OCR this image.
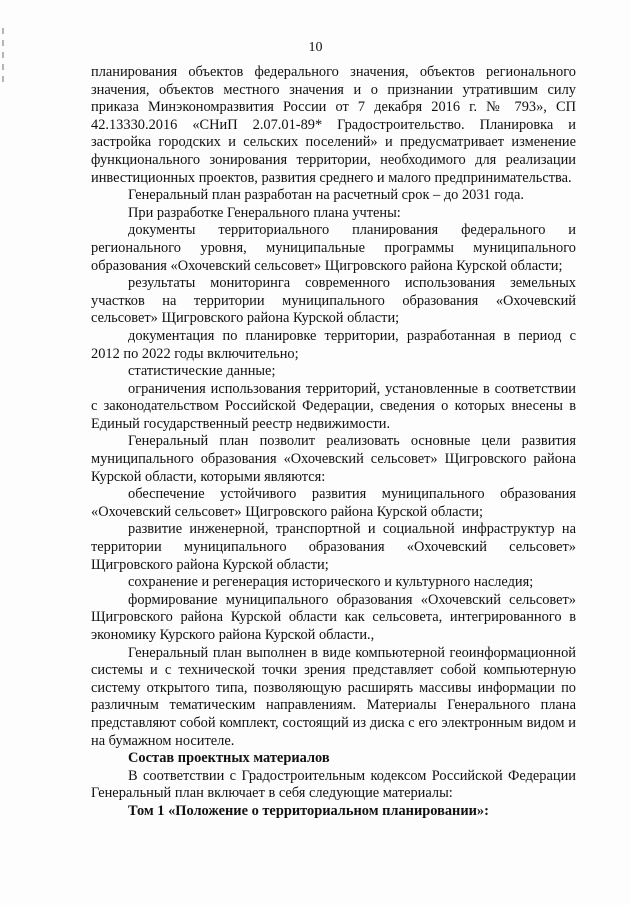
10

планирования объектов федерального значения, объектов регионального значения, объектов местного значения и о признании утратившим силу приказа Минэкономразвития России от 7 декабря 2016 г. № 793», СП 42.13330.2016 «СНиП 2.07.01-89* Градостроительство. Планировка и застройка городских и сельских поселений» и предусматривает изменение функционального зонирования территории, необходимого для реализации инвестиционных проектов, развития среднего и малого предпринимательства.

Генеральный план разработан на расчетный срок – до 2031 года.

При разработке Генерального плана учтены:

документы территориального планирования федерального и регионального уровня, муниципальные программы муниципального образования «Охочевский сельсовет» Щигровского района Курской области;

результаты мониторинга современного использования земельных участков на территории муниципального образования «Охочевский сельсовет» Щигровского района Курской области;

документация по планировке территории, разработанная в период с 2012 по 2022 годы включительно;

статистические данные;

ограничения использования территорий, установленные в соответствии с законодательством Российской Федерации, сведения о которых внесены в Единый государственный реестр недвижимости.

Генеральный план позволит реализовать основные цели развития муниципального образования «Охочевский сельсовет» Щигровского района Курской области, которыми являются:

обеспечение устойчивого развития муниципального образования «Охочевский сельсовет» Щигровского района Курской области;

развитие инженерной, транспортной и социальной инфраструктур на территории муниципального образования «Охочевский сельсовет» Щигровского района Курской области;

сохранение и регенерация исторического и культурного наследия;

формирование муниципального образования «Охочевский сельсовет» Щигровского района Курской области как сельсовета, интегрированного в экономику Курского района Курской области.,

Генеральный план выполнен в виде компьютерной геоинформационной системы и с технической точки зрения представляет собой компьютерную систему открытого типа, позволяющую расширять массивы информации по различным тематическим направлениям. Материалы Генерального плана представляют собой комплект, состоящий из диска с его электронным видом и на бумажном носителе.

Состав проектных материалов

В соответствии с Градостроительным кодексом Российской Федерации Генеральный план включает в себя следующие материалы:

Том 1 «Положение о территориальном планировании»:
